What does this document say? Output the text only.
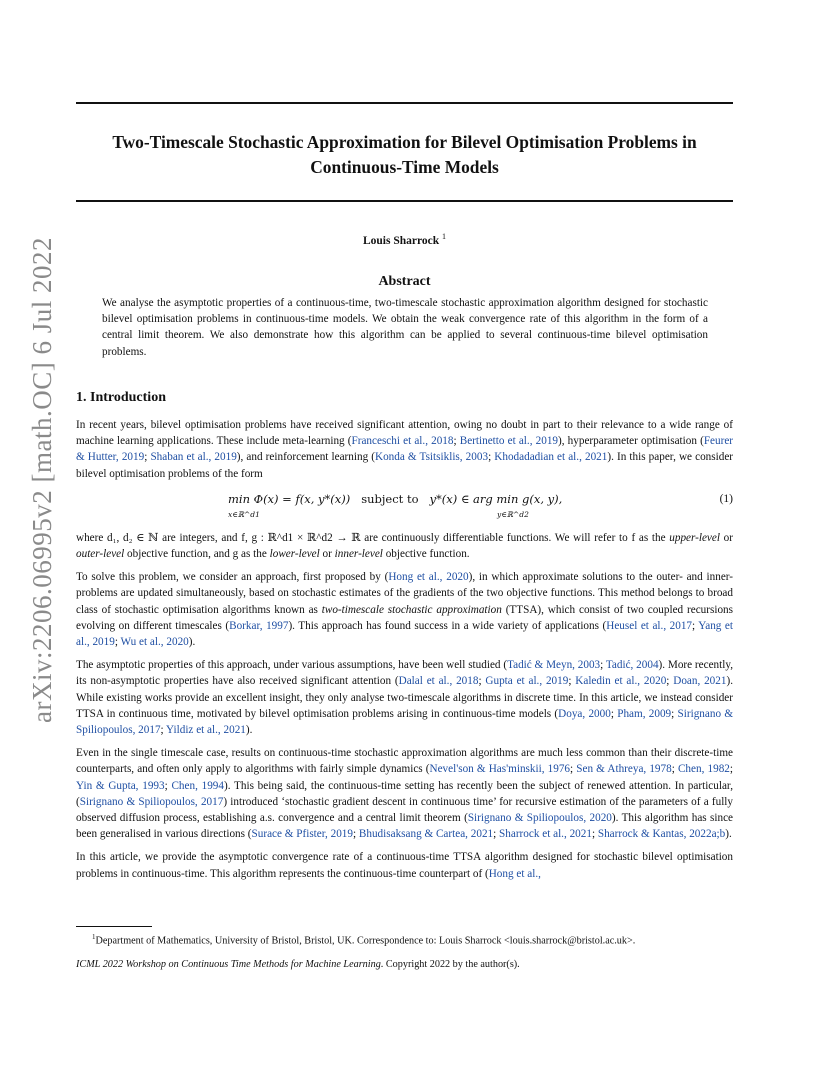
arXiv:2206.06995v2 [math.OC] 6 Jul 2022
Two-Timescale Stochastic Approximation for Bilevel Optimisation Problems in Continuous-Time Models
Louis Sharrock $^1$
Abstract
We analyse the asymptotic properties of a continuous-time, two-timescale stochastic approximation algorithm designed for stochastic bilevel optimisation problems in continuous-time models. We obtain the weak convergence rate of this algorithm in the form of a central limit theorem. We also demonstrate how this algorithm can be applied to several continuous-time bilevel optimisation problems.
1. Introduction

In recent years, bilevel optimisation problems have received significant attention, owing no doubt in part to their relevance to a wide range of machine learning applications. These include meta-learning (Franceschi et al., 2018; Bertinetto et al., 2019), hyperparameter optimisation (Feurer & Hutter, 2019; Shaban et al., 2019), and reinforcement learning (Konda & Tsitsiklis, 2003; Khodadadian et al., 2021). In this paper, we consider bilevel optimisation problems of the form

min Φ(x) = f(x, y*(x)) subject to y*(x) ∈ arg min g(x, y),
x∈ℝ^d1	y∈ℝ^d2
(1)

where d₁, d₂ ∈ ℕ are integers, and f, g : ℝ^d1 × ℝ^d2 → ℝ are continuously differentiable functions. We will refer to f as the upper-level or outer-level objective function, and g as the lower-level or inner-level objective function.

To solve this problem, we consider an approach, first proposed by (Hong et al., 2020), in which approximate solutions to the outer- and inner-problems are updated simultaneously, based on stochastic estimates of the gradients of the two objective functions. This method belongs to broad class of stochastic optimisation algorithms known as two-timescale stochastic approximation (TTSA), which consist of two coupled recursions evolving on different timescales (Borkar, 1997). This approach has found success in a wide variety of applications (Heusel et al., 2017; Yang et al., 2019; Wu et al., 2020).

The asymptotic properties of this approach, under various assumptions, have been well studied (Tadić & Meyn, 2003; Tadić, 2004). More recently, its non-asymptotic properties have also received significant attention (Dalal et al., 2018; Gupta et al., 2019; Kaledin et al., 2020; Doan, 2021). While existing works provide an excellent insight, they only analyse two-timescale algorithms in discrete time. In this article, we instead consider TTSA in continuous time, motivated by bilevel optimisation problems arising in continuous-time models (Doya, 2000; Pham, 2009; Sirignano & Spiliopoulos, 2017; Yildiz et al., 2021).

Even in the single timescale case, results on continuous-time stochastic approximation algorithms are much less common than their discrete-time counterparts, and often only apply to algorithms with fairly simple dynamics (Nevel'son & Has'minskii, 1976; Sen & Athreya, 1978; Chen, 1982; Yin & Gupta, 1993; Chen, 1994). This being said, the continuous-time setting has recently been the subject of renewed attention. In particular, (Sirignano & Spiliopoulos, 2017) introduced ‘stochastic gradient descent in continuous time’ for recursive estimation of the parameters of a fully observed diffusion process, establishing a.s. convergence and a central limit theorem (Sirignano & Spiliopoulos, 2020). This algorithm has since been generalised in various directions (Surace & Pfister, 2019; Bhudisaksang & Cartea, 2021; Sharrock et al., 2021; Sharrock & Kantas, 2022a;b).

In this article, we provide the asymptotic convergence rate of a continuous-time TTSA algorithm designed for stochastic bilevel optimisation problems in continuous-time. This algorithm represents the continuous-time counterpart of (Hong et al.,

$^1$Department of Mathematics, University of Bristol, Bristol, UK. Correspondence to: Louis Sharrock <louis.sharrock@bristol.ac.uk>.
ICML 2022 Workshop on Continuous Time Methods for Machine Learning. Copyright 2022 by the author(s).
